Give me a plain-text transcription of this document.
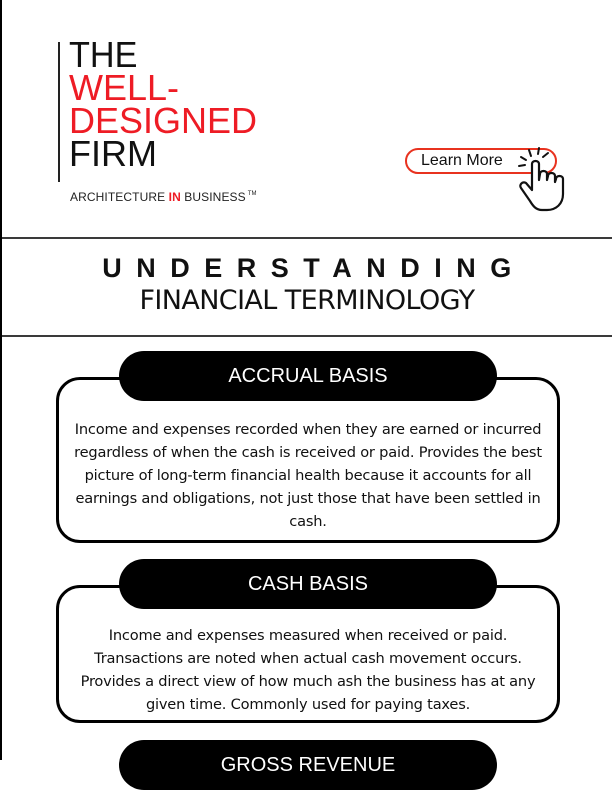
THE
WELL-
DESIGNED
FIRM
ARCHITECTURE IN BUSINESS ™
Learn More
UNDERSTANDING
FINANCIAL TERMINOLOGY
ACCRUAL BASIS
Income and expenses recorded when they are earned or incurred regardless of when the cash is received or paid. Provides the best picture of long-term financial health because it accounts for all earnings and obligations, not just those that have been settled in cash.
CASH BASIS
Income and expenses measured when received or paid. Transactions are noted when actual cash movement occurs. Provides a direct view of how much ash the business has at any given time. Commonly used for paying taxes.
GROSS REVENUE
